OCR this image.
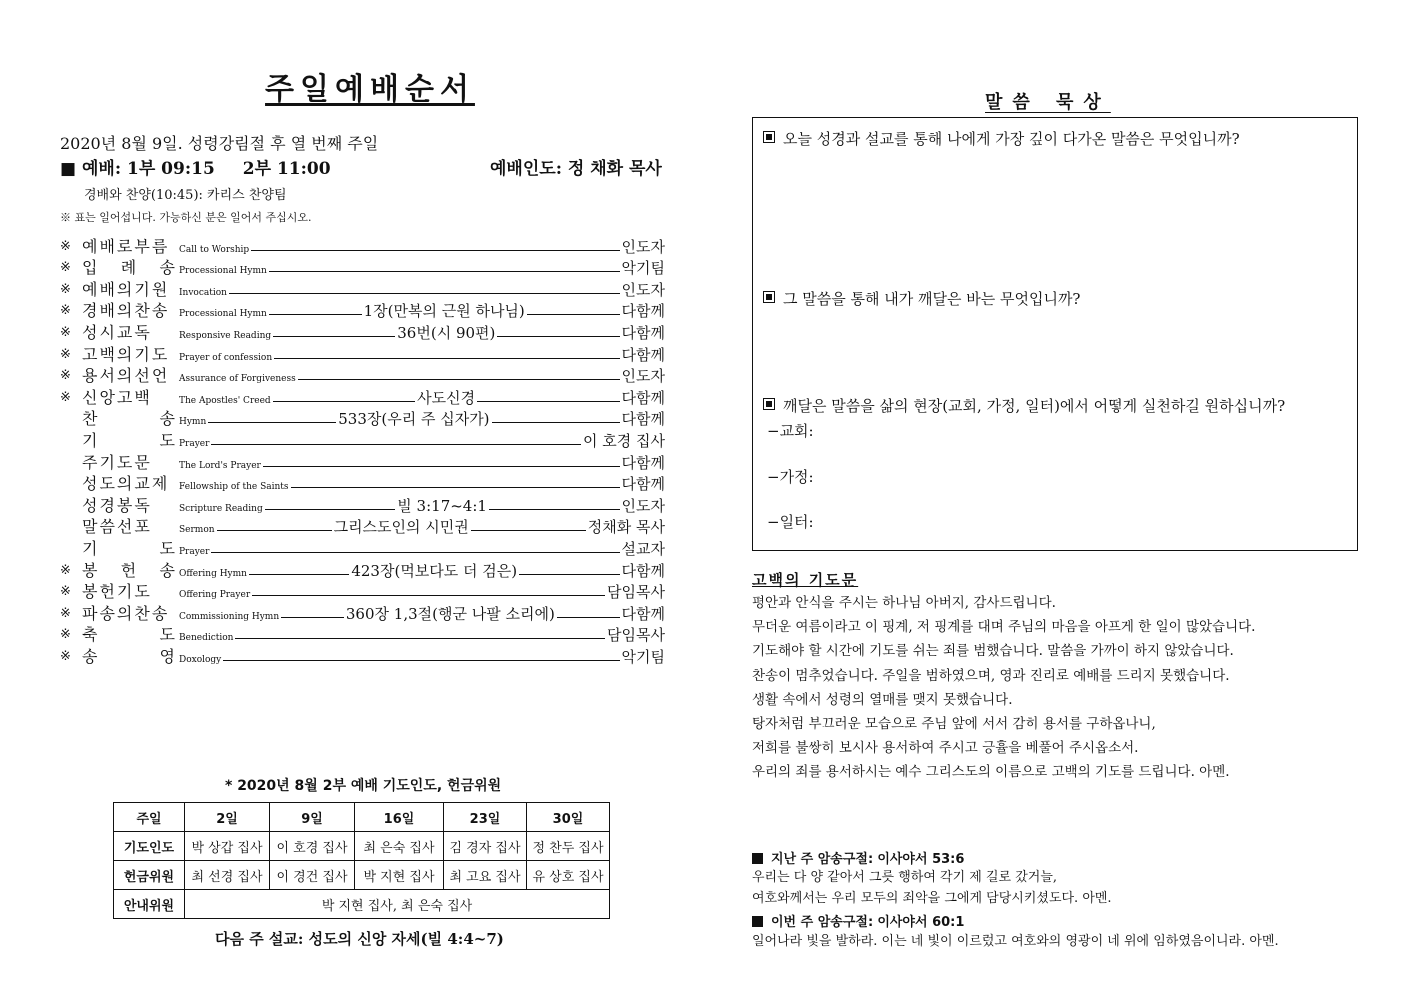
주일예배순서
2020년 8월 9일. 성령강림절 후 열 번째 주일
■ 예배: 1부 09:15 2부 11:00	예배인도: 정 채화 목사
경배와 찬양(10:45): 카리스 찬양팀
※ 표는 일어섭니다. 가능하신 분은 일어서 주십시오.
※ 예배로부름	Call to Worship	인도자
※ 입 례 송 Processional Hymn	악기팀
※ 예배의기원	Invocation	인도자
※ 경배의찬송	Processional Hymn	1장(만복의 근원 하나님)	다함께
※ 성시교독	Responsive Reading	36번(시 90편)	다함께
※ 고백의기도	Prayer of confession	다함께
※ 용서의선언	Assurance of Forgiveness	인도자
※ 신앙고백	The Apostles' Creed	사도신경	다함께
찬 송 Hymn	533장(우리 주 십자가)	다함께
기 도 Prayer	이 호경 집사
주기도문	The Lord's Prayer	다함께
성도의교제	Fellowship of the Saints	다함께
성경봉독	Scripture Reading	빌 3:17~4:1	인도자
말씀선포	Sermon	그리스도인의 시민권	정채화 목사
기 도 Prayer	설교자
※ 봉 헌 송 Offering Hymn	423장(먹보다도 더 검은)	다함께
※ 봉헌기도	Offering Prayer	담임목사
※ 파송의찬송	Commissioning Hymn	360장 1,3절(행군 나팔 소리에)	다함께
※ 축 도 Benediction	담임목사
※ 송 영 Doxology	악기팀
* 2020년 8월 2부 예배 기도인도, 헌금위원
주일	2일	9일	16일	23일	30일
기도인도	박 상갑 집사	이 호경 집사	최 은숙 집사	김 경자 집사	정 찬두 집사
헌금위원	최 선경 집사	이 경건 집사	박 지현 집사	최 고요 집사	유 상호 집사
안내위원	박 지현 집사, 최 은숙 집사				
다음 주 설교: 성도의 신앙 자세(빌 4:4~7)
말씀 묵상
오늘 성경과 설교를 통해 나에게 가장 깊이 다가온 말씀은 무엇입니까?
그 말씀을 통해 내가 깨달은 바는 무엇입니까?
깨달은 말씀을 삶의 현장(교회, 가정, 일터)에서 어떻게 실천하길 원하십니까?
−교회:
−가정:
−일터:
고백의 기도문
평안과 안식을 주시는 하나님 아버지, 감사드립니다.
무더운 여름이라고 이 핑계, 저 핑계를 대며 주님의 마음을 아프게 한 일이 많았습니다.
기도해야 할 시간에 기도를 쉬는 죄를 범했습니다. 말씀을 가까이 하지 않았습니다.
찬송이 멈추었습니다. 주일을 범하였으며, 영과 진리로 예배를 드리지 못했습니다.
생활 속에서 성령의 열매를 맺지 못했습니다.
탕자처럼 부끄러운 모습으로 주님 앞에 서서 감히 용서를 구하옵나니,
저희를 불쌍히 보시사 용서하여 주시고 긍휼을 베풀어 주시옵소서.
우리의 죄를 용서하시는 예수 그리스도의 이름으로 고백의 기도를 드립니다. 아멘.
지난 주 암송구절: 이사야서 53:6
우리는 다 양 같아서 그릇 행하여 각기 제 길로 갔거늘,
여호와께서는 우리 모두의 죄악을 그에게 담당시키셨도다. 아멘.
이번 주 암송구절: 이사야서 60:1
일어나라 빛을 발하라. 이는 네 빛이 이르렀고 여호와의 영광이 네 위에 임하였음이니라. 아멘.
